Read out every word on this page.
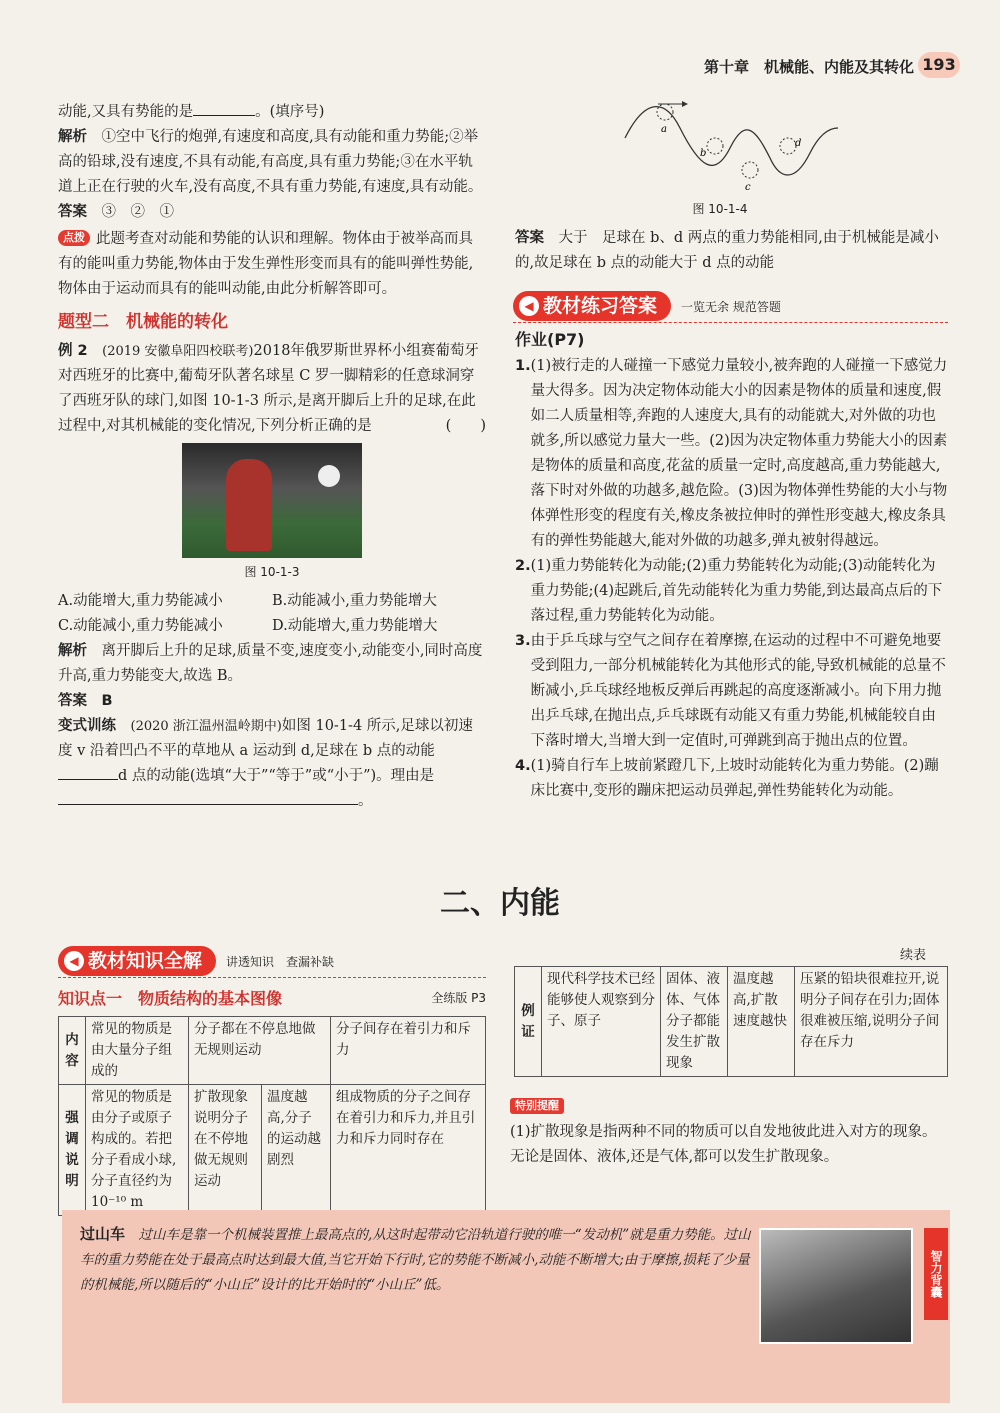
第十章　机械能、内能及其转化 193

动能,又具有势能的是	。(填序号)

解析　 ①空中飞行的炮弹,有速度和高度,具有动能和重力势能;②举高的铅球,没有速度,不具有动能,有高度,具有重力势能;③在水平轨道上正在行驶的火车,没有高度,不具有重力势能,有速度,具有动能。

答案　 ③　②　①

点拨 此题考查对动能和势能的认识和理解。物体由于被举高而具有的能叫重力势能,物体由于发生弹性形变而具有的能叫弹性势能,物体由于运动而具有的能叫动能,由此分析解答即可。

题型二　机械能的转化

例 2　 (2019 安徽阜阳四校联考)2018年俄罗斯世界杯小组赛葡萄牙对西班牙的比赛中,葡萄牙队著名球星 C 罗一脚精彩的任意球洞穿了西班牙队的球门,如图 10-1-3 所示,是离开脚后上升的足球,在此过程中,对其机械能的变化情况,下列分析正确的是	(　　)

图 10-1-3
A.动能增大,重力势能减小	B.动能减小,重力势能增大
C.动能减小,重力势能减小	D.动能增大,重力势能增大

解析　 离开脚后上升的足球,质量不变,速度变小,动能变小,同时高度升高,重力势能变大,故选 B。

答案　 B

变式训练　 (2020 浙江温州温岭期中)如图 10-1-4 所示,足球以初速度 v 沿着凹凸不平的草地从 a 运动到 d,足球在 b 点的动能d 点的动能(选填“大于”“等于”或“小于”)。理由是。

a
b
c
d
图 10-1-4

答案　 大于　足球在 b、d 两点的重力势能相同,由于机械能是减小的,故足球在 b 点的动能大于 d 点的动能

◀ 教材练习答案	一览无余 规范答题

作业(P7)

1. (1)被行走的人碰撞一下感觉力量较小,被奔跑的人碰撞一下感觉力量大得多。因为决定物体动能大小的因素是物体的质量和速度,假如二人质量相等,奔跑的人速度大,具有的动能就大,对外做的功也就多,所以感觉力量大一些。(2)因为决定物体重力势能大小的因素是物体的质量和高度,花盆的质量一定时,高度越高,重力势能越大,落下时对外做的功越多,越危险。(3)因为物体弹性势能的大小与物体弹性形变的程度有关,橡皮条被拉伸时的弹性形变越大,橡皮条具有的弹性势能越大,能对外做的功越多,弹丸被射得越远。
2. (1)重力势能转化为动能;(2)重力势能转化为动能;(3)动能转化为重力势能;(4)起跳后,首先动能转化为重力势能,到达最高点后的下落过程,重力势能转化为动能。
3. 由于乒乓球与空气之间存在着摩擦,在运动的过程中不可避免地要受到阻力,一部分机械能转化为其他形式的能,导致机械能的总量不断减小,乒乓球经地板反弹后再跳起的高度逐渐减小。向下用力抛出乒乓球,在抛出点,乒乓球既有动能又有重力势能,机械能较自由下落时增大,当增大到一定值时,可弹跳到高于抛出点的位置。
4. (1)骑自行车上坡前紧蹬几下,上坡时动能转化为重力势能。(2)蹦床比赛中,变形的蹦床把运动员弹起,弹性势能转化为动能。
二、内能
◀ 教材知识全解	讲透知识　查漏补缺
知识点一　物质结构的基本图像	全练版 P3
内容	常见的物质是由大量分子组成的	分子都在不停息地做无规则运动		分子间存在着引力和斥力
强调说明	常见的物质是由分子或原子构成的。若把分子看成小球,分子直径约为 10⁻¹⁰ m	扩散现象说明分子在不停地做无规则运动	温度越高,分子的运动越剧烈	组成物质的分子之间存在着引力和斥力,并且引力和斥力同时存在
续表
例证	现代科学技术已经能够使人观察到分子、原子	固体、液体、气体分子都能发生扩散现象	温度越高,扩散速度越快	压紧的铅块很难拉开,说明分子间存在引力;固体很难被压缩,说明分子间存在斥力
特别提醒
(1)扩散现象是指两种不同的物质可以自发地彼此进入对方的现象。无论是固体、液体,还是气体,都可以发生扩散现象。
过山车　 过山车是靠一个机械装置推上最高点的,从这时起带动它沿轨道行驶的唯一“发动机”就是重力势能。过山车的重力势能在处于最高点时达到最大值,当它开始下行时,它的势能不断减小,动能不断增大;由于摩擦,损耗了少量的机械能,所以随后的“小山丘”设计的比开始时的“小山丘”低。	智力背囊
